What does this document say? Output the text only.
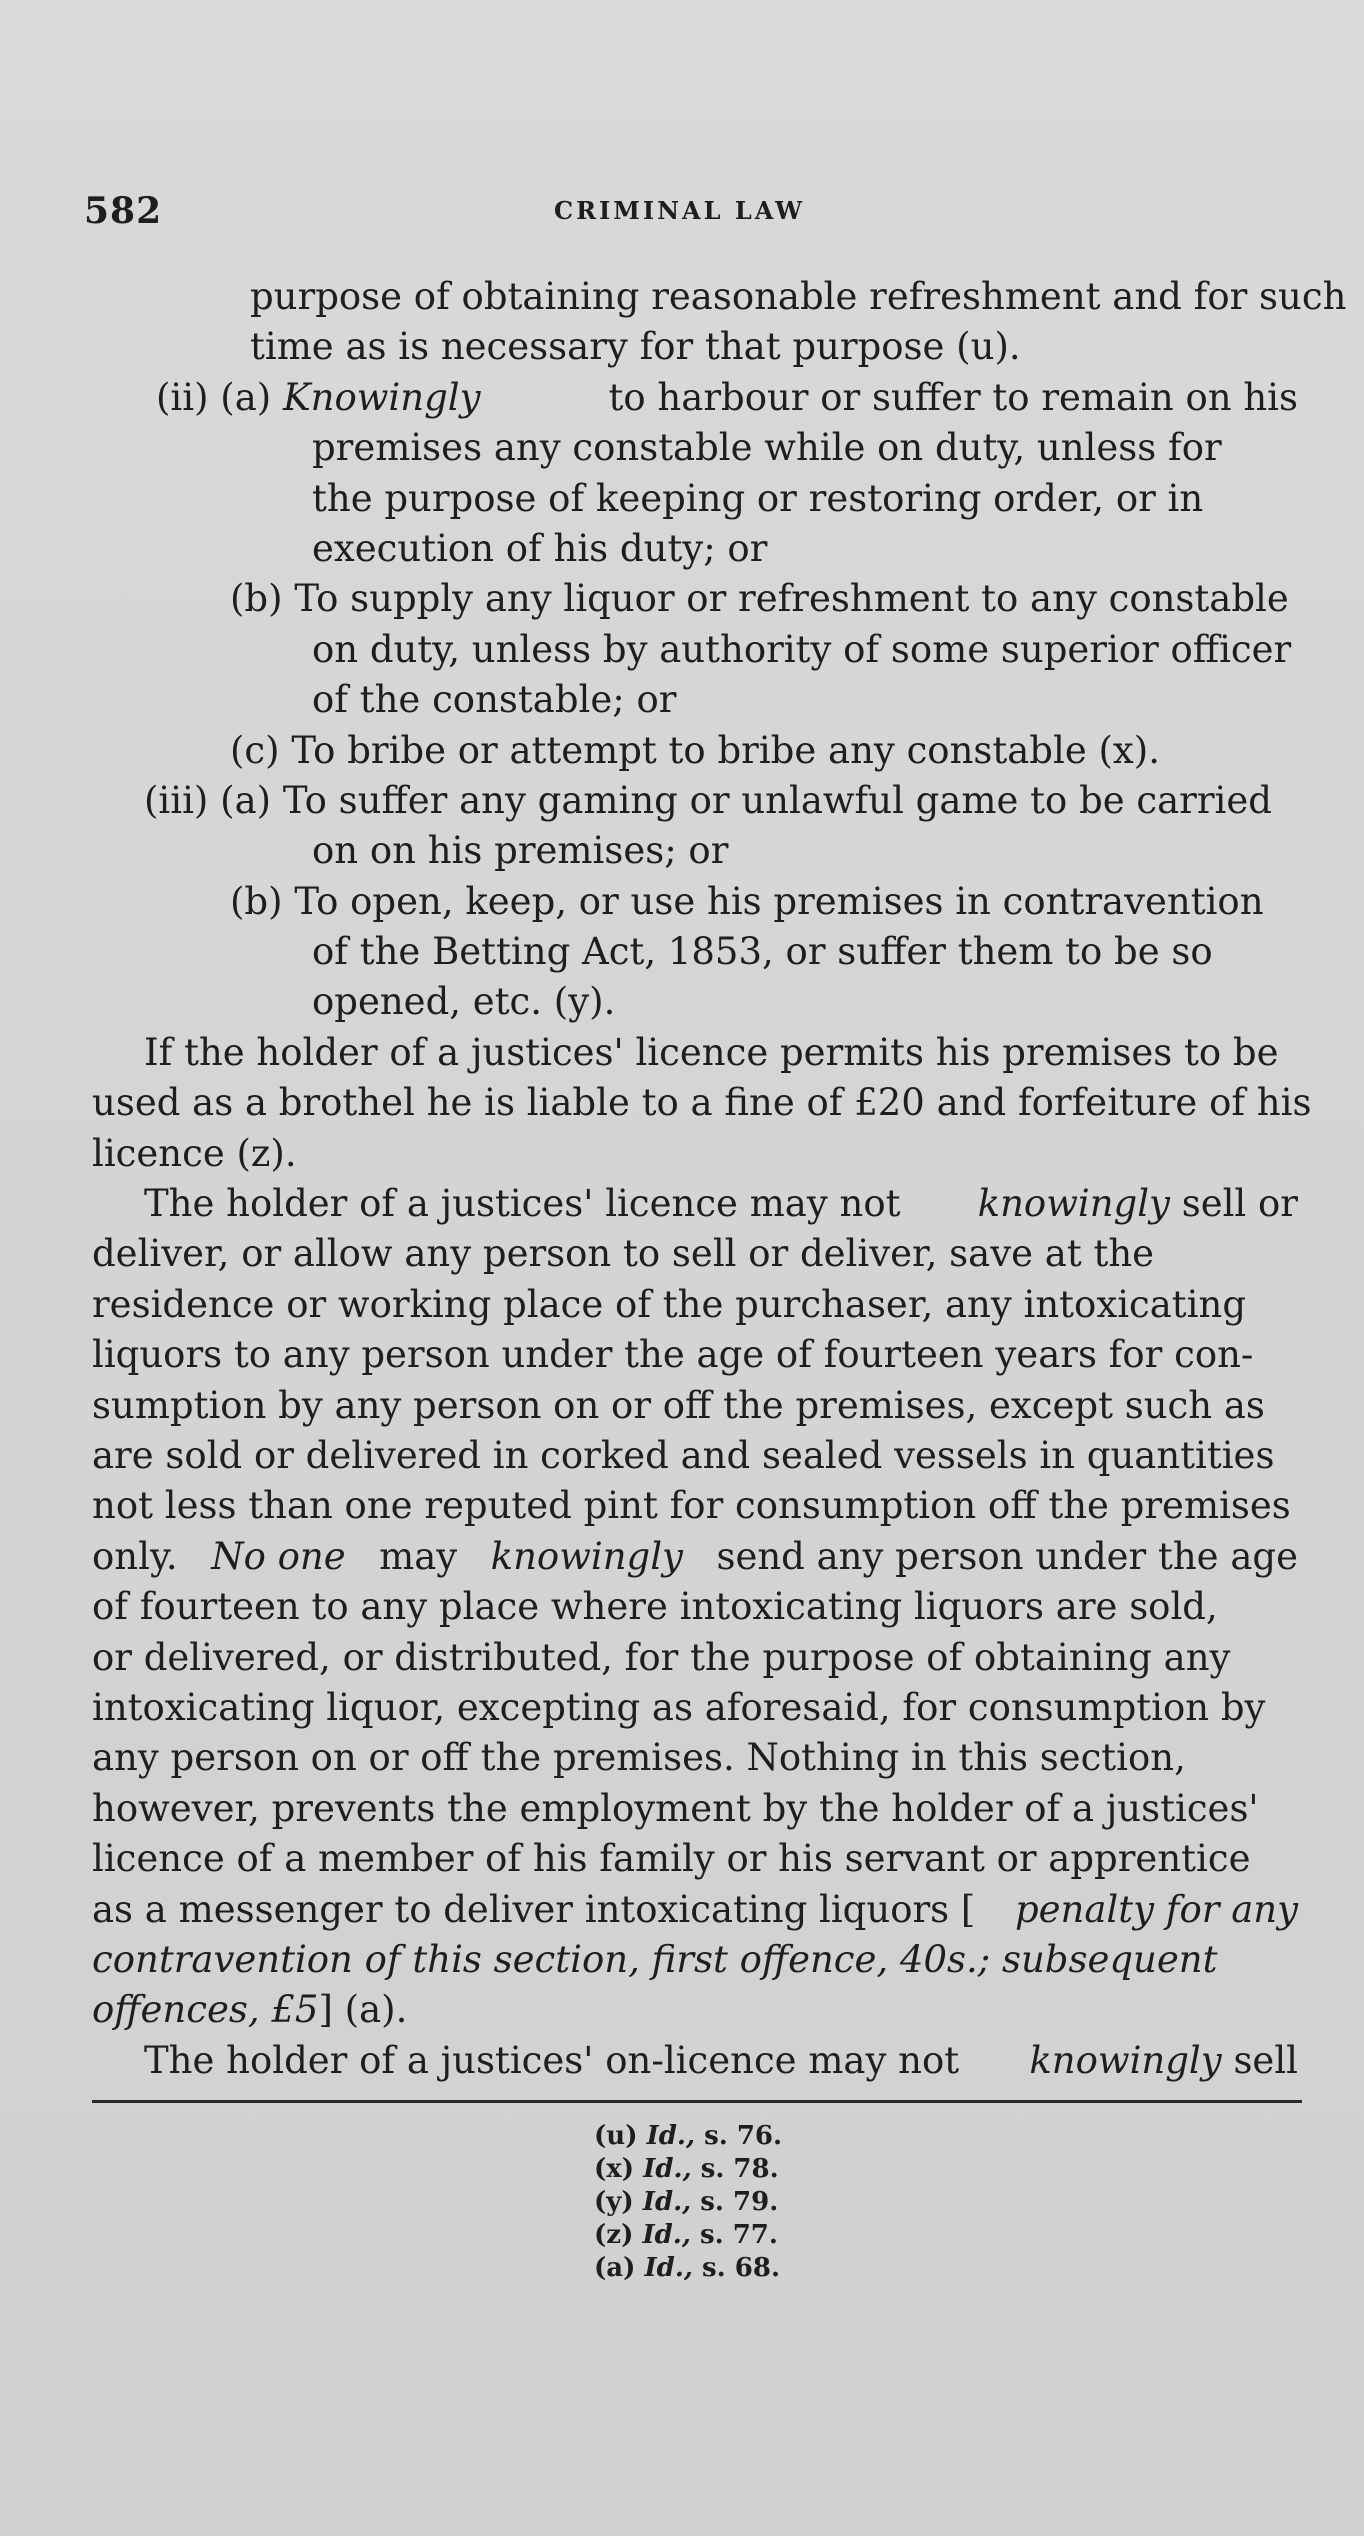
582	CRIMINAL LAW
purpose of obtaining reasonable refreshment and for such
time as is necessary for that purpose (u).
(ii) (a) Knowingly	to harbour or suffer to remain on his
premises any constable while on duty, unless for
the purpose of keeping or restoring order, or in
execution of his duty; or
(b) To supply any liquor or refreshment to any constable
on duty, unless by authority of some superior officer
of the constable; or
(c) To bribe or attempt to bribe any constable (x).
(iii) (a) To suffer any gaming or unlawful game to be carried
on on his premises; or
(b) To open, keep, or use his premises in contravention
of the Betting Act, 1853, or suffer them to be so
opened, etc. (y).
If the holder of a justices' licence permits his premises to be
used as a brothel he is liable to a fine of £20 and forfeiture of his
licence (z).
The holder of a justices' licence may not knowingly sell or
deliver, or allow any person to sell or deliver, save at the
residence or working place of the purchaser, any intoxicating
liquors to any person under the age of fourteen years for con-
sumption by any person on or off the premises, except such as
are sold or delivered in corked and sealed vessels in quantities
not less than one reputed pint for consumption off the premises
only. No one may knowingly send any person under the age
of fourteen to any place where intoxicating liquors are sold,
or delivered, or distributed, for the purpose of obtaining any
intoxicating liquor, excepting as aforesaid, for consumption by
any person on or off the premises. Nothing in this section,
however, prevents the employment by the holder of a justices'
licence of a member of his family or his servant or apprentice
as a messenger to deliver intoxicating liquors [ penalty for any
contravention of this section, first offence, 40s.; subsequent
offences, £5] (a).
The holder of a justices' on-licence may not knowingly sell
(u) Id., s. 76.
(x) Id., s. 78.
(y) Id., s. 79.
(z) Id., s. 77.
(a) Id., s. 68.
